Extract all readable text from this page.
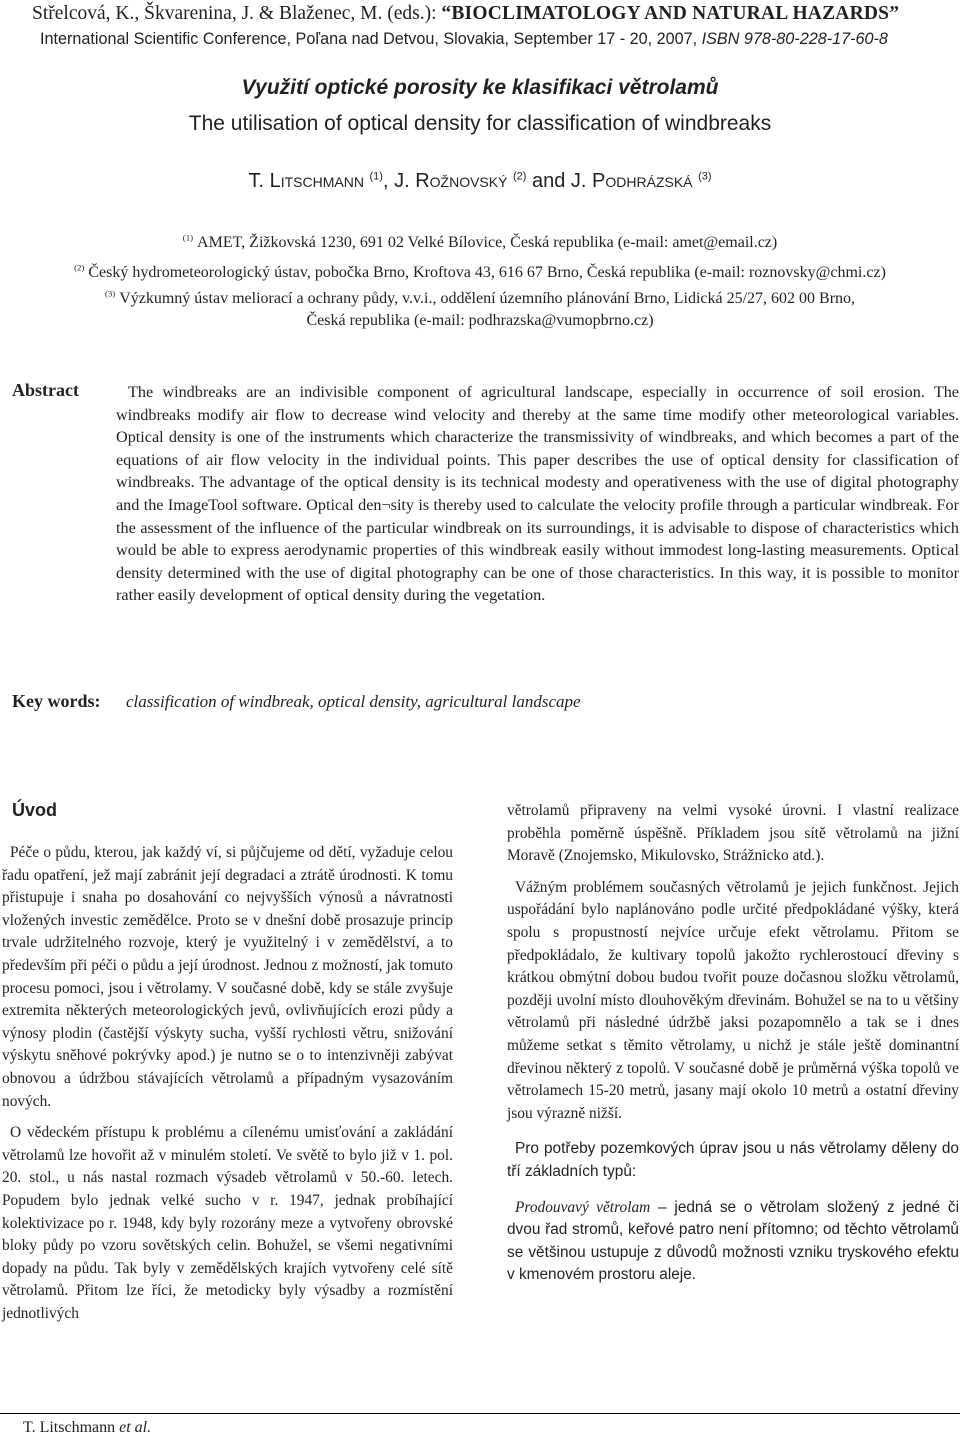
Střelcová, K., Škvarenina, J. & Blaženec, M. (eds.): “BIOCLIMATOLOGY AND NATURAL HAZARDS”
International Scientific Conference, Poľana nad Detvou, Slovakia, September 17 - 20, 2007, ISBN 978-80-228-17-60-8
Využití optické porosity ke klasifikaci větrolamů
The utilisation of optical density for classification of windbreaks
T. LITSCHMANN $^{(1)}$, J. ROŽNOVSKÝ $^{(2)}$ and J. PODHRÁZSKÁ $^{(3)}$
$^{(1)}$ AMET, Žižkovská 1230, 691 02 Velké Bílovice, Česká republika (e-mail: amet@email.cz)
$^{(2)}$ Český hydrometeorologický ústav, pobočka Brno, Kroftova 43, 616 67 Brno, Česká republika (e-mail: roznovsky@chmi.cz)
$^{(3)}$ Výzkumný ústav meliorací a ochrany půdy, v.v.i., oddělení územního plánování Brno, Lidická 25/27, 602 00 Brno,
Česká republika (e-mail: podhrazska@vumopbrno.cz)
Abstract	The windbreaks are an indivisible component of agricultural landscape, especially in occurrence of soil erosion. The windbreaks modify air flow to decrease wind velocity and thereby at the same time modify other meteorological variables. Optical density is one of the instruments which characterize the transmissivity of windbreaks, and which becomes a part of the equations of air flow velocity in the individual points. This paper describes the use of optical density for classification of windbreaks. The advantage of the optical density is its technical modesty and operativeness with the use of digital photography and the ImageTool software. Optical den¬sity is thereby used to calculate the velocity profile through a particular windbreak. For the assessment of the influence of the particular windbreak on its surroundings, it is advisable to dispose of characteristics which would be able to express aerodynamic properties of this windbreak easily without immodest long-lasting measurements. Optical density determined with the use of digital photography can be one of those characteristics. In this way, it is possible to monitor rather easily development of optical density during the vegetation.
Key words: classification of windbreak, optical density, agricultural landscape
Úvod

Péče o půdu, kterou, jak každý ví, si půjčujeme od dětí, vyžaduje celou řadu opatření, jež mají zabránit její degradaci a ztrátě úrodnosti. K tomu přistupuje i snaha po dosahování co nejvyšších výnosů a návratnosti vložených investic zemědělce. Proto se v dnešní době prosazuje princip trvale udržitelného rozvoje, který je využitelný i v zemědělství, a to především při péči o půdu a její úrodnost. Jednou z možností, jak tomuto procesu pomoci, jsou i větrolamy. V současné době, kdy se stále zvyšuje extremita některých meteorologických jevů, ovlivňujících erozi půdy a výnosy plodin (častější výskyty sucha, vyšší rychlosti větru, snižování výskytu sněhové pokrývky apod.) je nutno se o to intenzivněji zabývat obnovou a údržbou stávajících větrolamů a případným vysazováním nových.

O vědeckém přístupu k problému a cílenému umisťování a zakládání větrolamů lze hovořit až v minulém století. Ve světě to bylo již v 1. pol. 20. stol., u nás nastal rozmach výsadeb větrolamů v 50.-60. letech. Popudem bylo jednak velké sucho v r. 1947, jednak probíhající kolektivizace po r. 1948, kdy byly rozorány meze a vytvořeny obrovské bloky půdy po vzoru sovětských celin. Bohužel, se všemi negativními dopady na půdu. Tak byly v zemědělských krajích vytvořeny celé sítě větrolamů. Přitom lze říci, že metodicky byly výsadby a rozmístění jednotlivých

větrolamů připraveny na velmi vysoké úrovni. I vlastní realizace proběhla poměrně úspěšně. Příkladem jsou sítě větrolamů na jižní Moravě (Znojemsko, Mikulovsko, Strážnicko atd.).

Vážným problémem současných větrolamů je jejich funkčnost. Jejich uspořádání bylo naplánováno podle určité předpokládané výšky, která spolu s propustností nejvíce určuje efekt větrolamu. Přitom se předpokládalo, že kultivary topolů jakožto rychlerostoucí dřeviny s krátkou obmýtní dobou budou tvořit pouze dočasnou složku větrolamů, později uvolní místo dlouhověkým dřevinám. Bohužel se na to u většiny větrolamů při následné údržbě jaksi pozapomnělo a tak se i dnes můžeme setkat s těmito větrolamy, u nichž je stále ještě dominantní dřevinou některý z topolů. V současné době je průměrná výška topolů ve větrolamech 15-20 metrů, jasany mají okolo 10 metrů a ostatní dřeviny jsou výrazně nižší.

Pro potřeby pozemkových úprav jsou u nás větrolamy děleny do tří základních typů:

Prodouvavý větrolam – jedná se o větrolam složený z jedné či dvou řad stromů, keřové patro není přítomno; od těchto větrolamů se většinou ustupuje z důvodů možnosti vzniku tryskového efektu v kmenovém prostoru aleje.

T. Litschmann et al.
